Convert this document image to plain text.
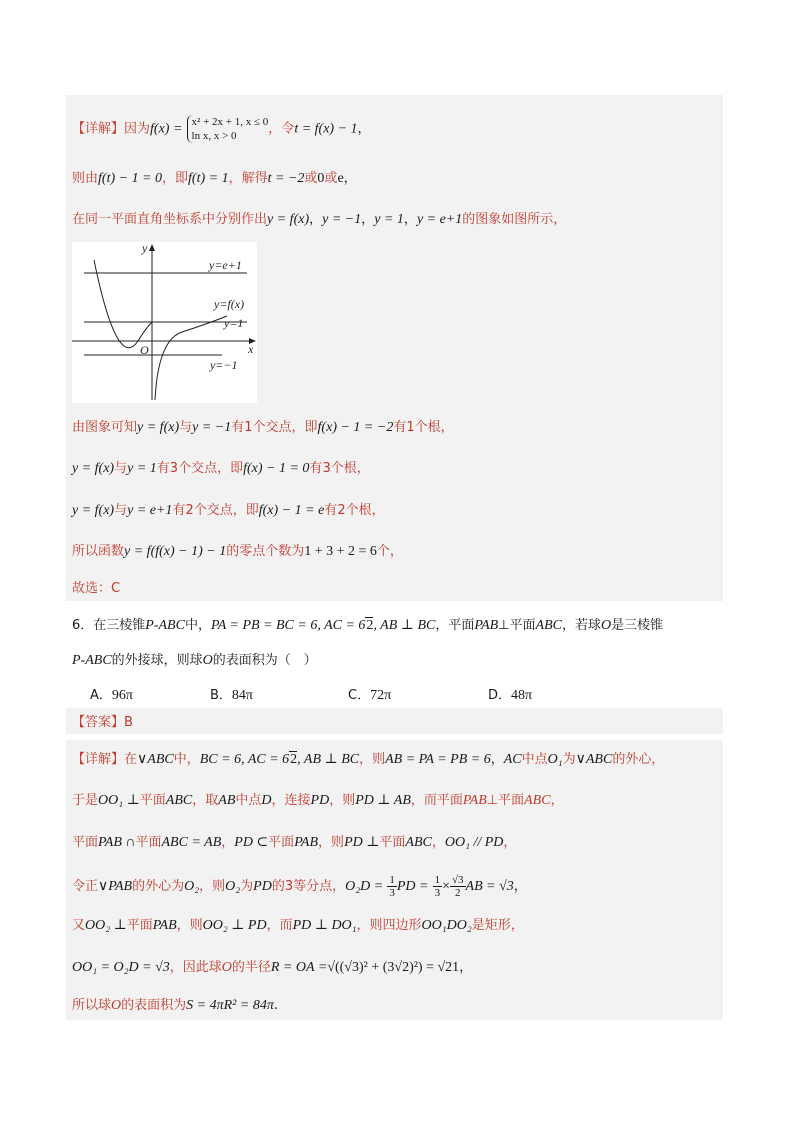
【详解】因为f(x) = x² + 2x + 1, x ≤ 0
ln x, x > 0	，令t = f(x) − 1，
则由f(t) − 1 = 0，即f(t) = 1，解得t = −2或0或e，
在同一平面直角坐标系中分别作出y = f(x)，y = −1，y = 1，y = e+1的图象如图所示，
y
x
O
y=e+1
y=f(x)
y=1
y=−1
由图象可知y = f(x)与y = −1有1个交点，即f(x) − 1 = −2有1个根，
y = f(x)与y = 1有3个交点，即f(x) − 1 = 0有3个根，
y = f(x)与y = e+1有2个交点，即f(x) − 1 = e有2个根，
所以函数y = f(f(x) − 1) − 1的零点个数为1 + 3 + 2 = 6个，
故选：C
6．在三棱锥P-ABC中，PA = PB = BC = 6, AC = 62, AB ⊥ BC，平面PAB⊥平面ABC，若球O是三棱锥
P-ABC的外接球，则球O的表面积为（　）
A．96π	B．84π	C．72π	D．48π
【答案】B
【详解】在∨ABC中，BC = 6, AC = 62, AB ⊥ BC，则AB = PA = PB = 6，AC中点O₁为∨ABC的外心，
于是OO₁ ⊥平面ABC，取AB中点D，连接PD，则PD ⊥ AB，而平面PAB⊥平面ABC，
平面PAB ∩平面ABC = AB，PD ⊂平面PAB，则PD ⊥平面ABC，OO₁ // PD，
令正∨PAB的外心为O₂，则O₂为PD的3等分点，$O_2D = \frac{1}{3}$ PD = $\frac{1}{3} \times \frac{√3}{2}$ AB = √3，
又OO₂ ⊥平面PAB，则OO₂ ⊥ PD，而PD ⊥ DO₁，则四边形OO₁DO₂是矩形，
OO₁ = O₂D = √3，因此球O的半径R = OA =√((√3)² + (3√2)²) = √21，
所以球O的表面积为S = 4πR² = 84π.
